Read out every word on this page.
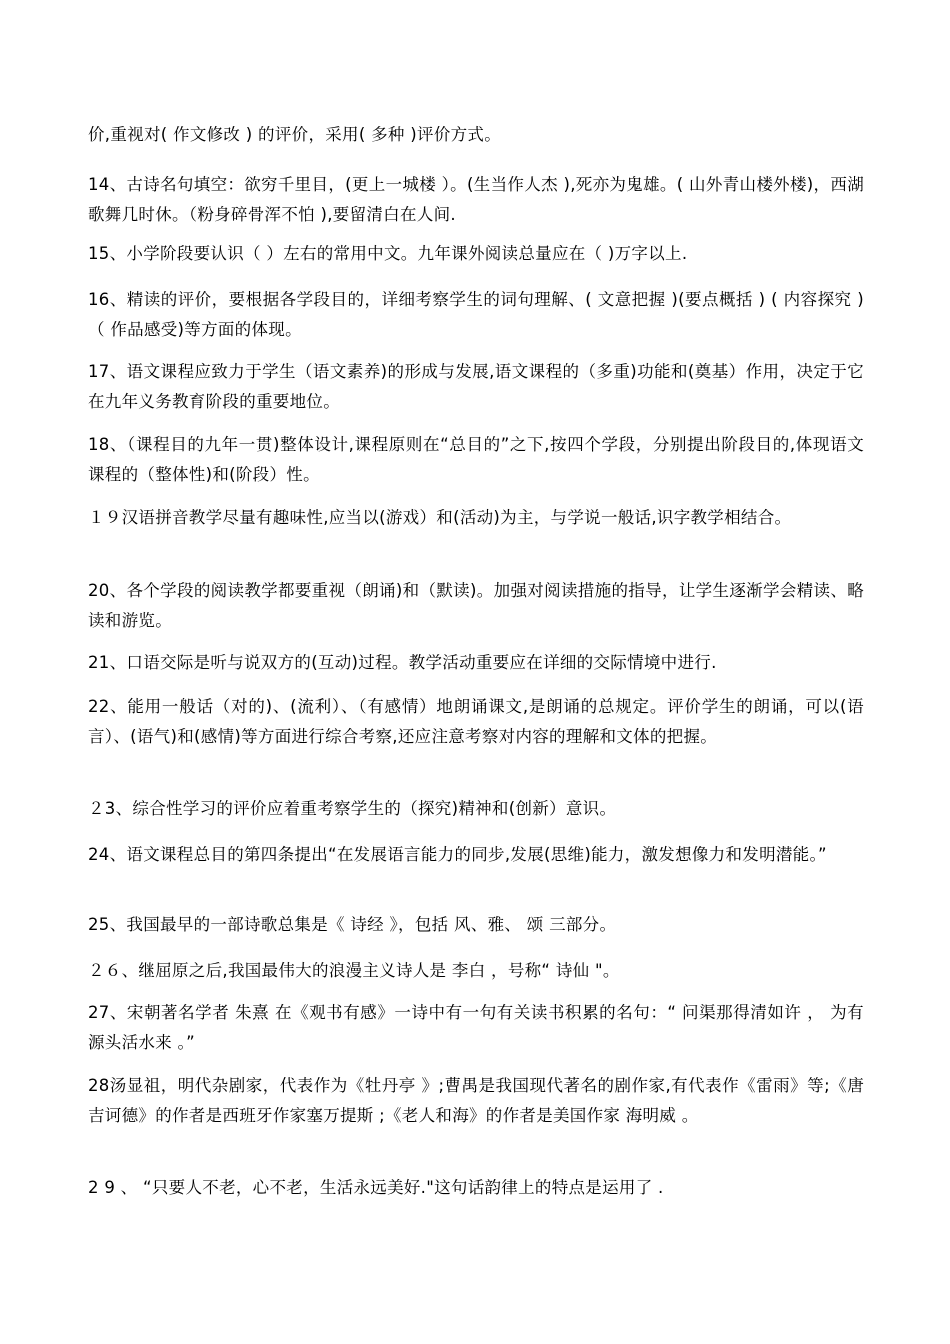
价,重视对( 作文修改 ) 的评价，采用( 多种 )评价方式。

14、古诗名句填空：欲穷千里目，(更上一城楼 ）。(生当作人杰 ),死亦为鬼雄。( 山外青山楼外楼)，西湖歌舞几时休。（粉身碎骨浑不怕 ),要留清白在人间.

15、小学阶段要认识（ ）左右的常用中文。九年课外阅读总量应在（ )万字以上.

16、精读的评价，要根据各学段目的，详细考察学生的词句理解、( 文意把握 )(要点概括 ) ( 内容探究 ) （ 作品感受)等方面的体现。

17、语文课程应致力于学生（语文素养)的形成与发展,语文课程的（多重)功能和(奠基）作用，决定于它在九年义务教育阶段的重要地位。

18、（课程目的九年一贯)整体设计,课程原则在“总目的”之下,按四个学段，分别提出阶段目的,体现语文课程的（整体性)和(阶段）性。

１９汉语拼音教学尽量有趣味性,应当以(游戏）和(活动)为主，与学说一般话,识字教学相结合。

20、各个学段的阅读教学都要重视（朗诵)和（默读)。加强对阅读措施的指导，让学生逐渐学会精读、略读和游览。

21、口语交际是听与说双方的(互动)过程。教学活动重要应在详细的交际情境中进行.

22、能用一般话（对的)、(流利）、（有感情）地朗诵课文,是朗诵的总规定。评价学生的朗诵，可以(语言）、(语气)和(感情)等方面进行综合考察,还应注意考察对内容的理解和文体的把握。

２3、综合性学习的评价应着重考察学生的（探究)精神和(创新）意识。

24、语文课程总目的第四条提出“在发展语言能力的同步,发展(思维)能力，激发想像力和发明潜能。”

25、我国最早的一部诗歌总集是《 诗经 》，包括 风、雅、 颂 三部分。

２６、继屈原之后,我国最伟大的浪漫主义诗人是 李白 ，号称“ 诗仙 "。

27、宋朝著名学者 朱熹 在《观书有感》一诗中有一句有关读书积累的名句：“ 问渠那得清如许 ， 为有源头活水来 。”

28汤显祖，明代杂剧家，代表作为《牡丹亭 》;曹禺是我国现代著名的剧作家,有代表作《雷雨》等;《唐吉诃德》的作者是西班牙作家塞万提斯 ;《老人和海》的作者是美国作家 海明威 。

2 9 、 “只要人不老，心不老，生活永远美好."这句话韵律上的特点是运用了 .
